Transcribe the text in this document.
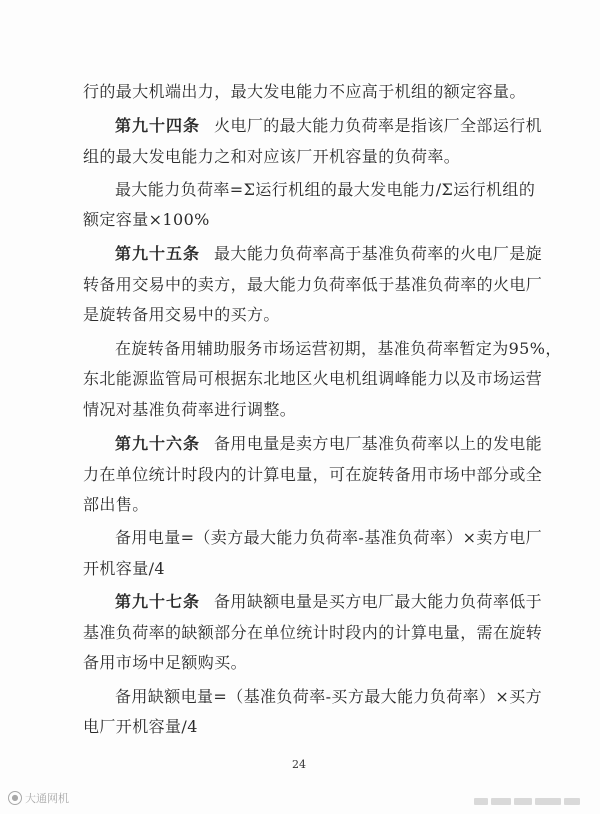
行的最大机端出力，最大发电能力不应高于机组的额定容量。
第九十四条 火电厂的最大能力负荷率是指该厂全部运行机
组的最大发电能力之和对应该厂开机容量的负荷率。
最大能力负荷率=Σ运行机组的最大发电能力/Σ运行机组的
额定容量×100%
第九十五条 最大能力负荷率高于基准负荷率的火电厂是旋
转备用交易中的卖方，最大能力负荷率低于基准负荷率的火电厂
是旋转备用交易中的买方。
在旋转备用辅助服务市场运营初期，基准负荷率暂定为95%，
东北能源监管局可根据东北地区火电机组调峰能力以及市场运营
情况对基准负荷率进行调整。
第九十六条 备用电量是卖方电厂基准负荷率以上的发电能
力在单位统计时段内的计算电量，可在旋转备用市场中部分或全
部出售。
备用电量=（卖方最大能力负荷率-基准负荷率）×卖方电厂
开机容量/4
第九十七条 备用缺额电量是买方电厂最大能力负荷率低于
基准负荷率的缺额部分在单位统计时段内的计算电量，需在旋转
备用市场中足额购买。
备用缺额电量=（基准负荷率-买方最大能力负荷率）×买方
电厂开机容量/4
24
● 大通网机
